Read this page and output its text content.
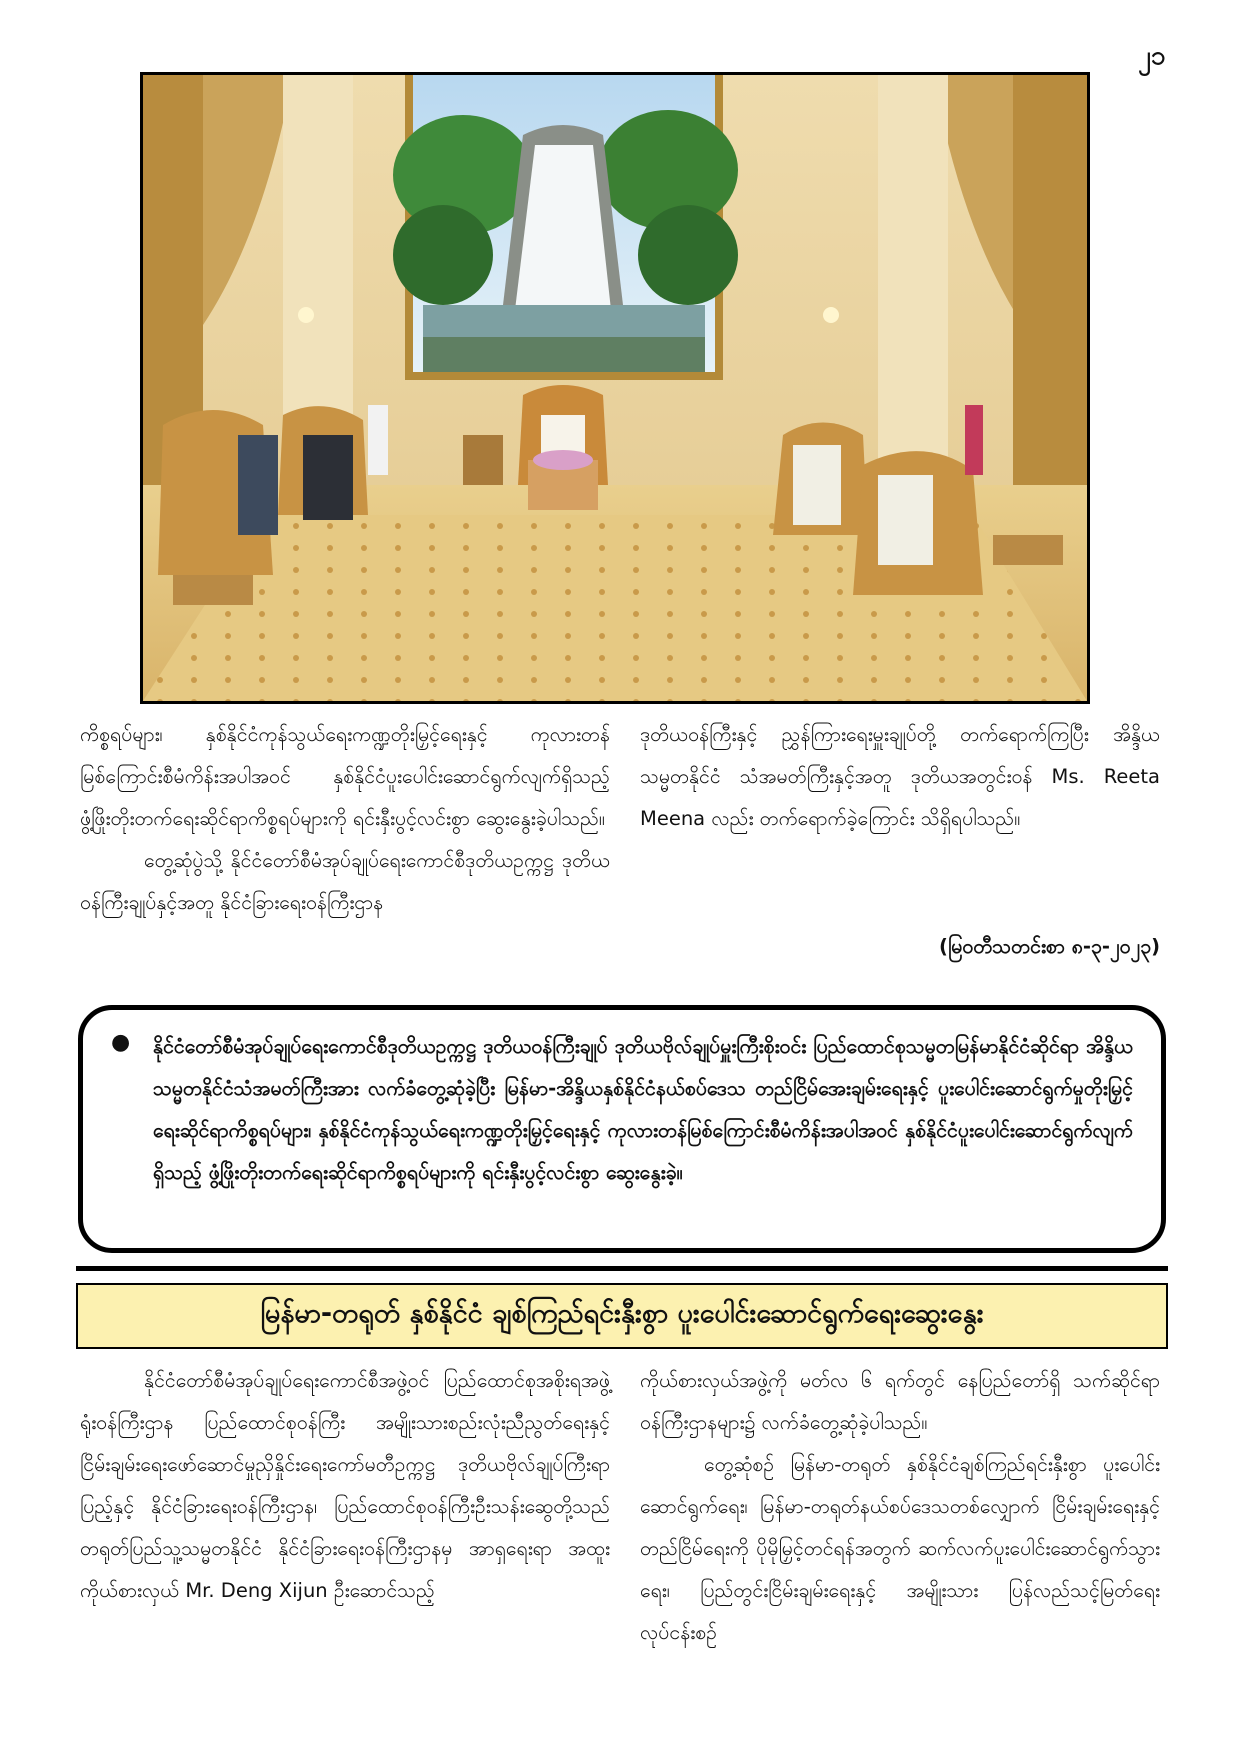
၂၁

ကိစ္စရပ်များ၊ နှစ်နိုင်ငံကုန်သွယ်ရေးကဏ္ဍတိုးမြှင့်ရေးနှင့် ကုလားတန်မြစ်ကြောင်းစီမံကိန်းအပါအဝင် နှစ်နိုင်ငံပူးပေါင်းဆောင်ရွက်လျက်ရှိသည့် ဖွံ့ဖြိုးတိုးတက်ရေးဆိုင်ရာကိစ္စရပ်များကို ရင်းနှီးပွင့်လင်းစွာ ဆွေးနွေးခဲ့ပါသည်။

တွေ့ဆုံပွဲသို့ နိုင်ငံတော်စီမံအုပ်ချုပ်ရေးကောင်စီဒုတိယဥက္ကဋ္ဌ ဒုတိယဝန်ကြီးချုပ်နှင့်အတူ နိုင်ငံခြားရေးဝန်ကြီးဌာန

ဒုတိယဝန်ကြီးနှင့် ညွှန်ကြားရေးမှူးချုပ်တို့ တက်ရောက်ကြပြီး အိန္ဒိယသမ္မတနိုင်ငံ သံအမတ်ကြီးနှင့်အတူ ဒုတိယအတွင်းဝန် Ms. Reeta Meena လည်း တက်ရောက်ခဲ့ကြောင်း သိရှိရပါသည်။

(မြဝတီသတင်းစာ ၈-၃-၂၀၂၃)
● နိုင်ငံတော်စီမံအုပ်ချုပ်ရေးကောင်စီဒုတိယဥက္ကဋ္ဌ ဒုတိယဝန်ကြီးချုပ် ဒုတိယဗိုလ်ချုပ်မှူးကြီးစိုးဝင်း ပြည်ထောင်စုသမ္မတမြန်မာနိုင်ငံဆိုင်ရာ အိန္ဒိယသမ္မတနိုင်ငံသံအမတ်ကြီးအား လက်ခံတွေ့ဆုံခဲ့ပြီး မြန်မာ-အိန္ဒိယနှစ်နိုင်ငံနယ်စပ်ဒေသ တည်ငြိမ်အေးချမ်းရေးနှင့် ပူးပေါင်းဆောင်ရွက်မှုတိုးမြှင့်ရေးဆိုင်ရာကိစ္စရပ်များ၊ နှစ်နိုင်ငံကုန်သွယ်ရေးကဏ္ဍတိုးမြှင့်ရေးနှင့် ကုလားတန်မြစ်ကြောင်းစီမံကိန်းအပါအဝင် နှစ်နိုင်ငံပူးပေါင်းဆောင်ရွက်လျက်ရှိသည့် ဖွံ့ဖြိုးတိုးတက်ရေးဆိုင်ရာကိစ္စရပ်များကို ရင်းနှီးပွင့်လင်းစွာ ဆွေးနွေးခဲ့။

မြန်မာ-တရုတ် နှစ်နိုင်ငံ ချစ်ကြည်ရင်းနှီးစွာ ပူးပေါင်းဆောင်ရွက်ရေးဆွေးနွေး

နိုင်ငံတော်စီမံအုပ်ချုပ်ရေးကောင်စီအဖွဲ့ဝင် ပြည်ထောင်စုအစိုးရအဖွဲ့ရုံးဝန်ကြီးဌာန ပြည်ထောင်စုဝန်ကြီး အမျိုးသားစည်းလုံးညီညွတ်ရေးနှင့် ငြိမ်းချမ်းရေးဖော်ဆောင်မှုညှိနှိုင်းရေးကော်မတီဥက္ကဋ္ဌ ဒုတိယဗိုလ်ချုပ်ကြီးရာပြည့်နှင့် နိုင်ငံခြားရေးဝန်ကြီးဌာန၊ ပြည်ထောင်စုဝန်ကြီးဦးသန်းဆွေတို့သည် တရုတ်ပြည်သူ့သမ္မတနိုင်ငံ နိုင်ငံခြားရေးဝန်ကြီးဌာနမှ အာရှရေးရာ အထူးကိုယ်စားလှယ် Mr. Deng Xijun ဦးဆောင်သည့်

ကိုယ်စားလှယ်အဖွဲ့ကို မတ်လ ၆ ရက်တွင် နေပြည်တော်ရှိ သက်ဆိုင်ရာဝန်ကြီးဌာနများ၌ လက်ခံတွေ့ဆုံခဲ့ပါသည်။

တွေ့ဆုံစဉ် မြန်မာ-တရုတ် နှစ်နိုင်ငံချစ်ကြည်ရင်းနှီးစွာ ပူးပေါင်းဆောင်ရွက်ရေး၊ မြန်မာ-တရုတ်နယ်စပ်ဒေသတစ်လျှောက် ငြိမ်းချမ်းရေးနှင့် တည်ငြိမ်ရေးကို ပိုမိုမြှင့်တင်ရန်အတွက် ဆက်လက်ပူးပေါင်းဆောင်ရွက်သွားရေး၊ ပြည်တွင်းငြိမ်းချမ်းရေးနှင့် အမျိုးသား ပြန်လည်သင့်မြတ်ရေးလုပ်ငန်းစဉ်
